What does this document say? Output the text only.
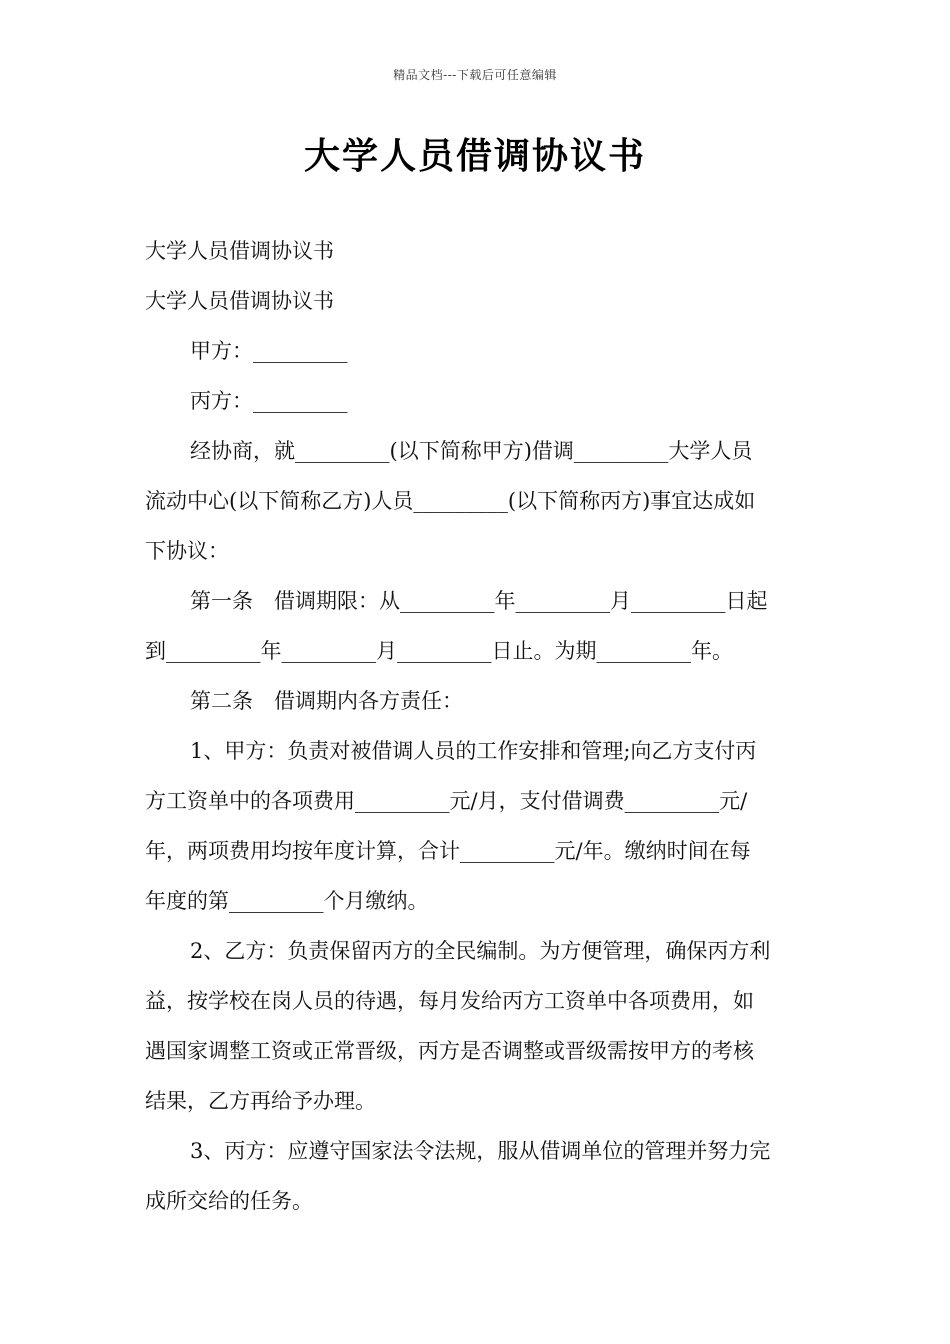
精品文档---下载后可任意编辑
大学人员借调协议书
大学人员借调协议书
大学人员借调协议书
甲方：_________
丙方：_________
经协商，就_________(以下简称甲方)借调_________大学人员
流动中心(以下简称乙方)人员_________(以下简称丙方)事宜达成如
下协议：
第一条　借调期限：从_________年_________月_________日起
到_________年_________月_________日止。为期_________年。
第二条　借调期内各方责任：
1、甲方：负责对被借调人员的工作安排和管理;向乙方支付丙
方工资单中的各项费用_________元/月，支付借调费_________元/
年，两项费用均按年度计算，合计_________元/年。缴纳时间在每
年度的第_________个月缴纳。
2、乙方：负责保留丙方的全民编制。为方便管理，确保丙方利
益，按学校在岗人员的待遇，每月发给丙方工资单中各项费用，如
遇国家调整工资或正常晋级，丙方是否调整或晋级需按甲方的考核
结果，乙方再给予办理。
3、丙方：应遵守国家法令法规，服从借调单位的管理并努力完
成所交给的任务。
